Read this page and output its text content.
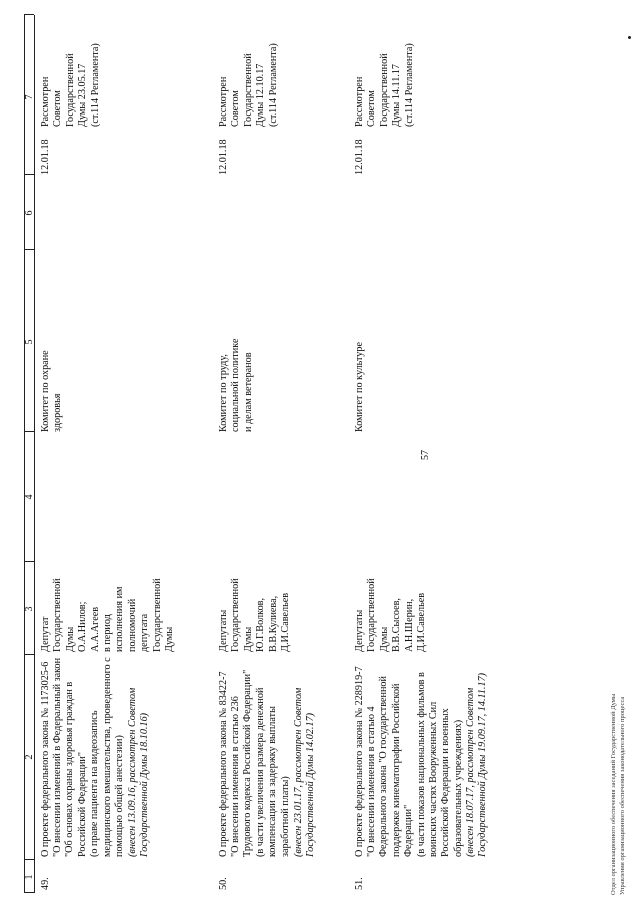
57
1
2
3
4
5
6
7
49.
О проекте федерального закона № 1173025-6 "О внесении изменений в Федеральный закон
"Об основах охраны здоровья граждан в
Российской Федерации"
(о праве пациента на видеозапись
медицинского вмешательства, проведенного с
помощью общей анестезии)
(внесен 13.09.16, рассмотрен Советом
Государственной Думы 18.10.16)
Депутат
Государственной
Думы
О.А.Нилов;
А.А.Агеев
в период
исполнения им
полномочий
депутата
Государственной
Думы
Комитет по охране
здоровья
12.01.18
Рассмотрен
Советом
Государственной
Думы 23.05.17
(ст.114 Регламента)
50.
О проекте федерального закона № 83422-7 "О внесении изменения в статью 236
Трудового кодекса Российской Федерации"
(в части увеличения размера денежной
компенсации за задержку выплаты
заработной платы)
(внесен 23.01.17, рассмотрен Советом
Государственной Думы 14.02.17)
Депутаты
Государственной
Думы
Ю.Г.Волков,
В.В.Кулиева,
Д.И.Савельев
Комитет по труду,
социальной политике
и делам ветеранов
12.01.18
Рассмотрен
Советом
Государственной
Думы 12.10.17
(ст.114 Регламента)
51.
О проекте федерального закона № 228919-7 "О внесении изменения в статью 4
Федерального закона "О государственной
поддержке кинематографии Российской
Федерации"
(в части показов национальных фильмов в
воинских частях Вооруженных Сил
Российской Федерации и военных
образовательных учреждениях)
(внесен 18.07.17, рассмотрен Советом
Государственной Думы 19.09.17, 14.11.17)
Депутаты
Государственной
Думы
В.В.Сысоев,
А.Н.Шерин,
Д.И.Савельев
Комитет по культуре
12.01.18
Рассмотрен
Советом
Государственной
Думы 14.11.17
(ст.114 Регламента)
Отдел организационного обеспечения заседаний Государственной Думы Управления организационного обеспечения законодательного процесса
